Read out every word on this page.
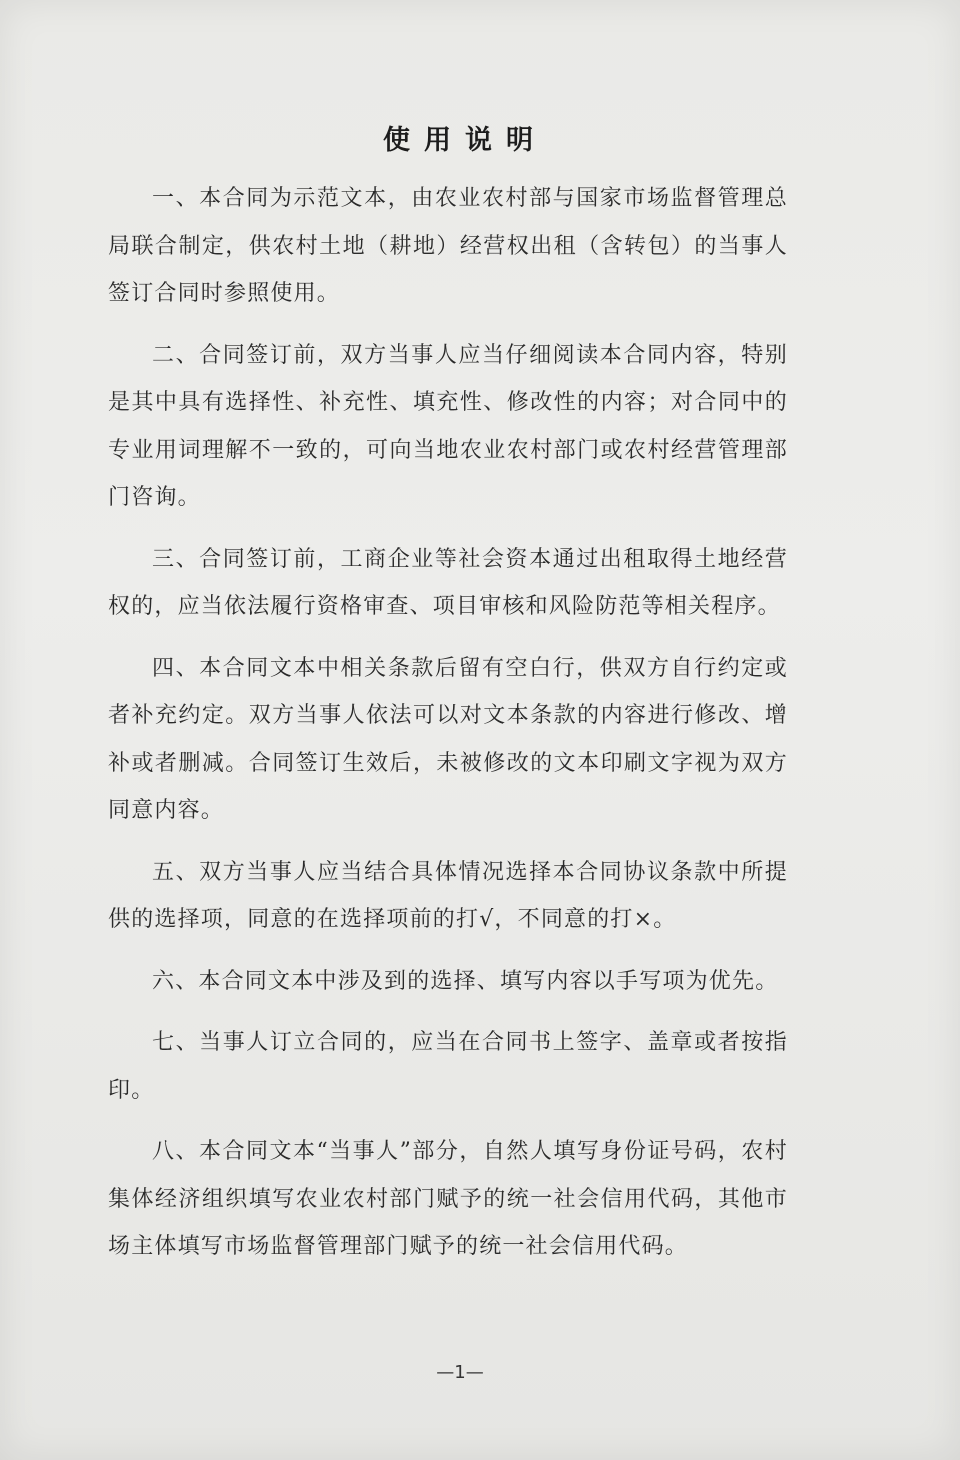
使用说明

一、本合同为示范文本，由农业农村部与国家市场监督管理总局联合制定，供农村土地（耕地）经营权出租（含转包）的当事人签订合同时参照使用。

二、合同签订前，双方当事人应当仔细阅读本合同内容，特别是其中具有选择性、补充性、填充性、修改性的内容；对合同中的专业用词理解不一致的，可向当地农业农村部门或农村经营管理部门咨询。

三、合同签订前，工商企业等社会资本通过出租取得土地经营权的，应当依法履行资格审查、项目审核和风险防范等相关程序。

四、本合同文本中相关条款后留有空白行，供双方自行约定或者补充约定。双方当事人依法可以对文本条款的内容进行修改、增补或者删减。合同签订生效后，未被修改的文本印刷文字视为双方同意内容。

五、双方当事人应当结合具体情况选择本合同协议条款中所提供的选择项，同意的在选择项前的打√，不同意的打×。

六、本合同文本中涉及到的选择、填写内容以手写项为优先。

七、当事人订立合同的，应当在合同书上签字、盖章或者按指印。

八、本合同文本“当事人”部分，自然人填写身份证号码，农村集体经济组织填写农业农村部门赋予的统一社会信用代码，其他市场主体填写市场监督管理部门赋予的统一社会信用代码。

—1—
